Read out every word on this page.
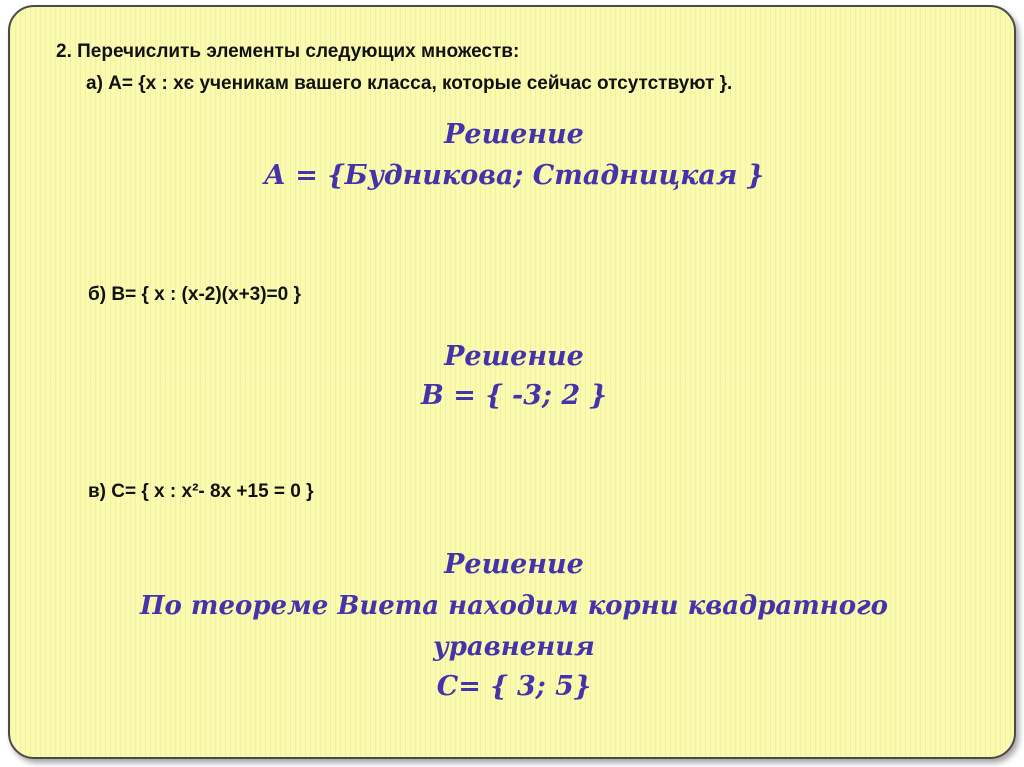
2. Перечислить элементы следующих множеств:

а) А= {х : хє ученикам вашего класса, которые сейчас отсутствуют }.

Решение

А = {Будникова; Стадницкая }

б) В= { х : (х-2)(х+3)=0 }

Решение

В = { -3; 2 }

в) С= { х : х²- 8х +15 = 0 }

Решение

По теореме Виета находим корни квадратного

уравнения

С= { 3; 5}
